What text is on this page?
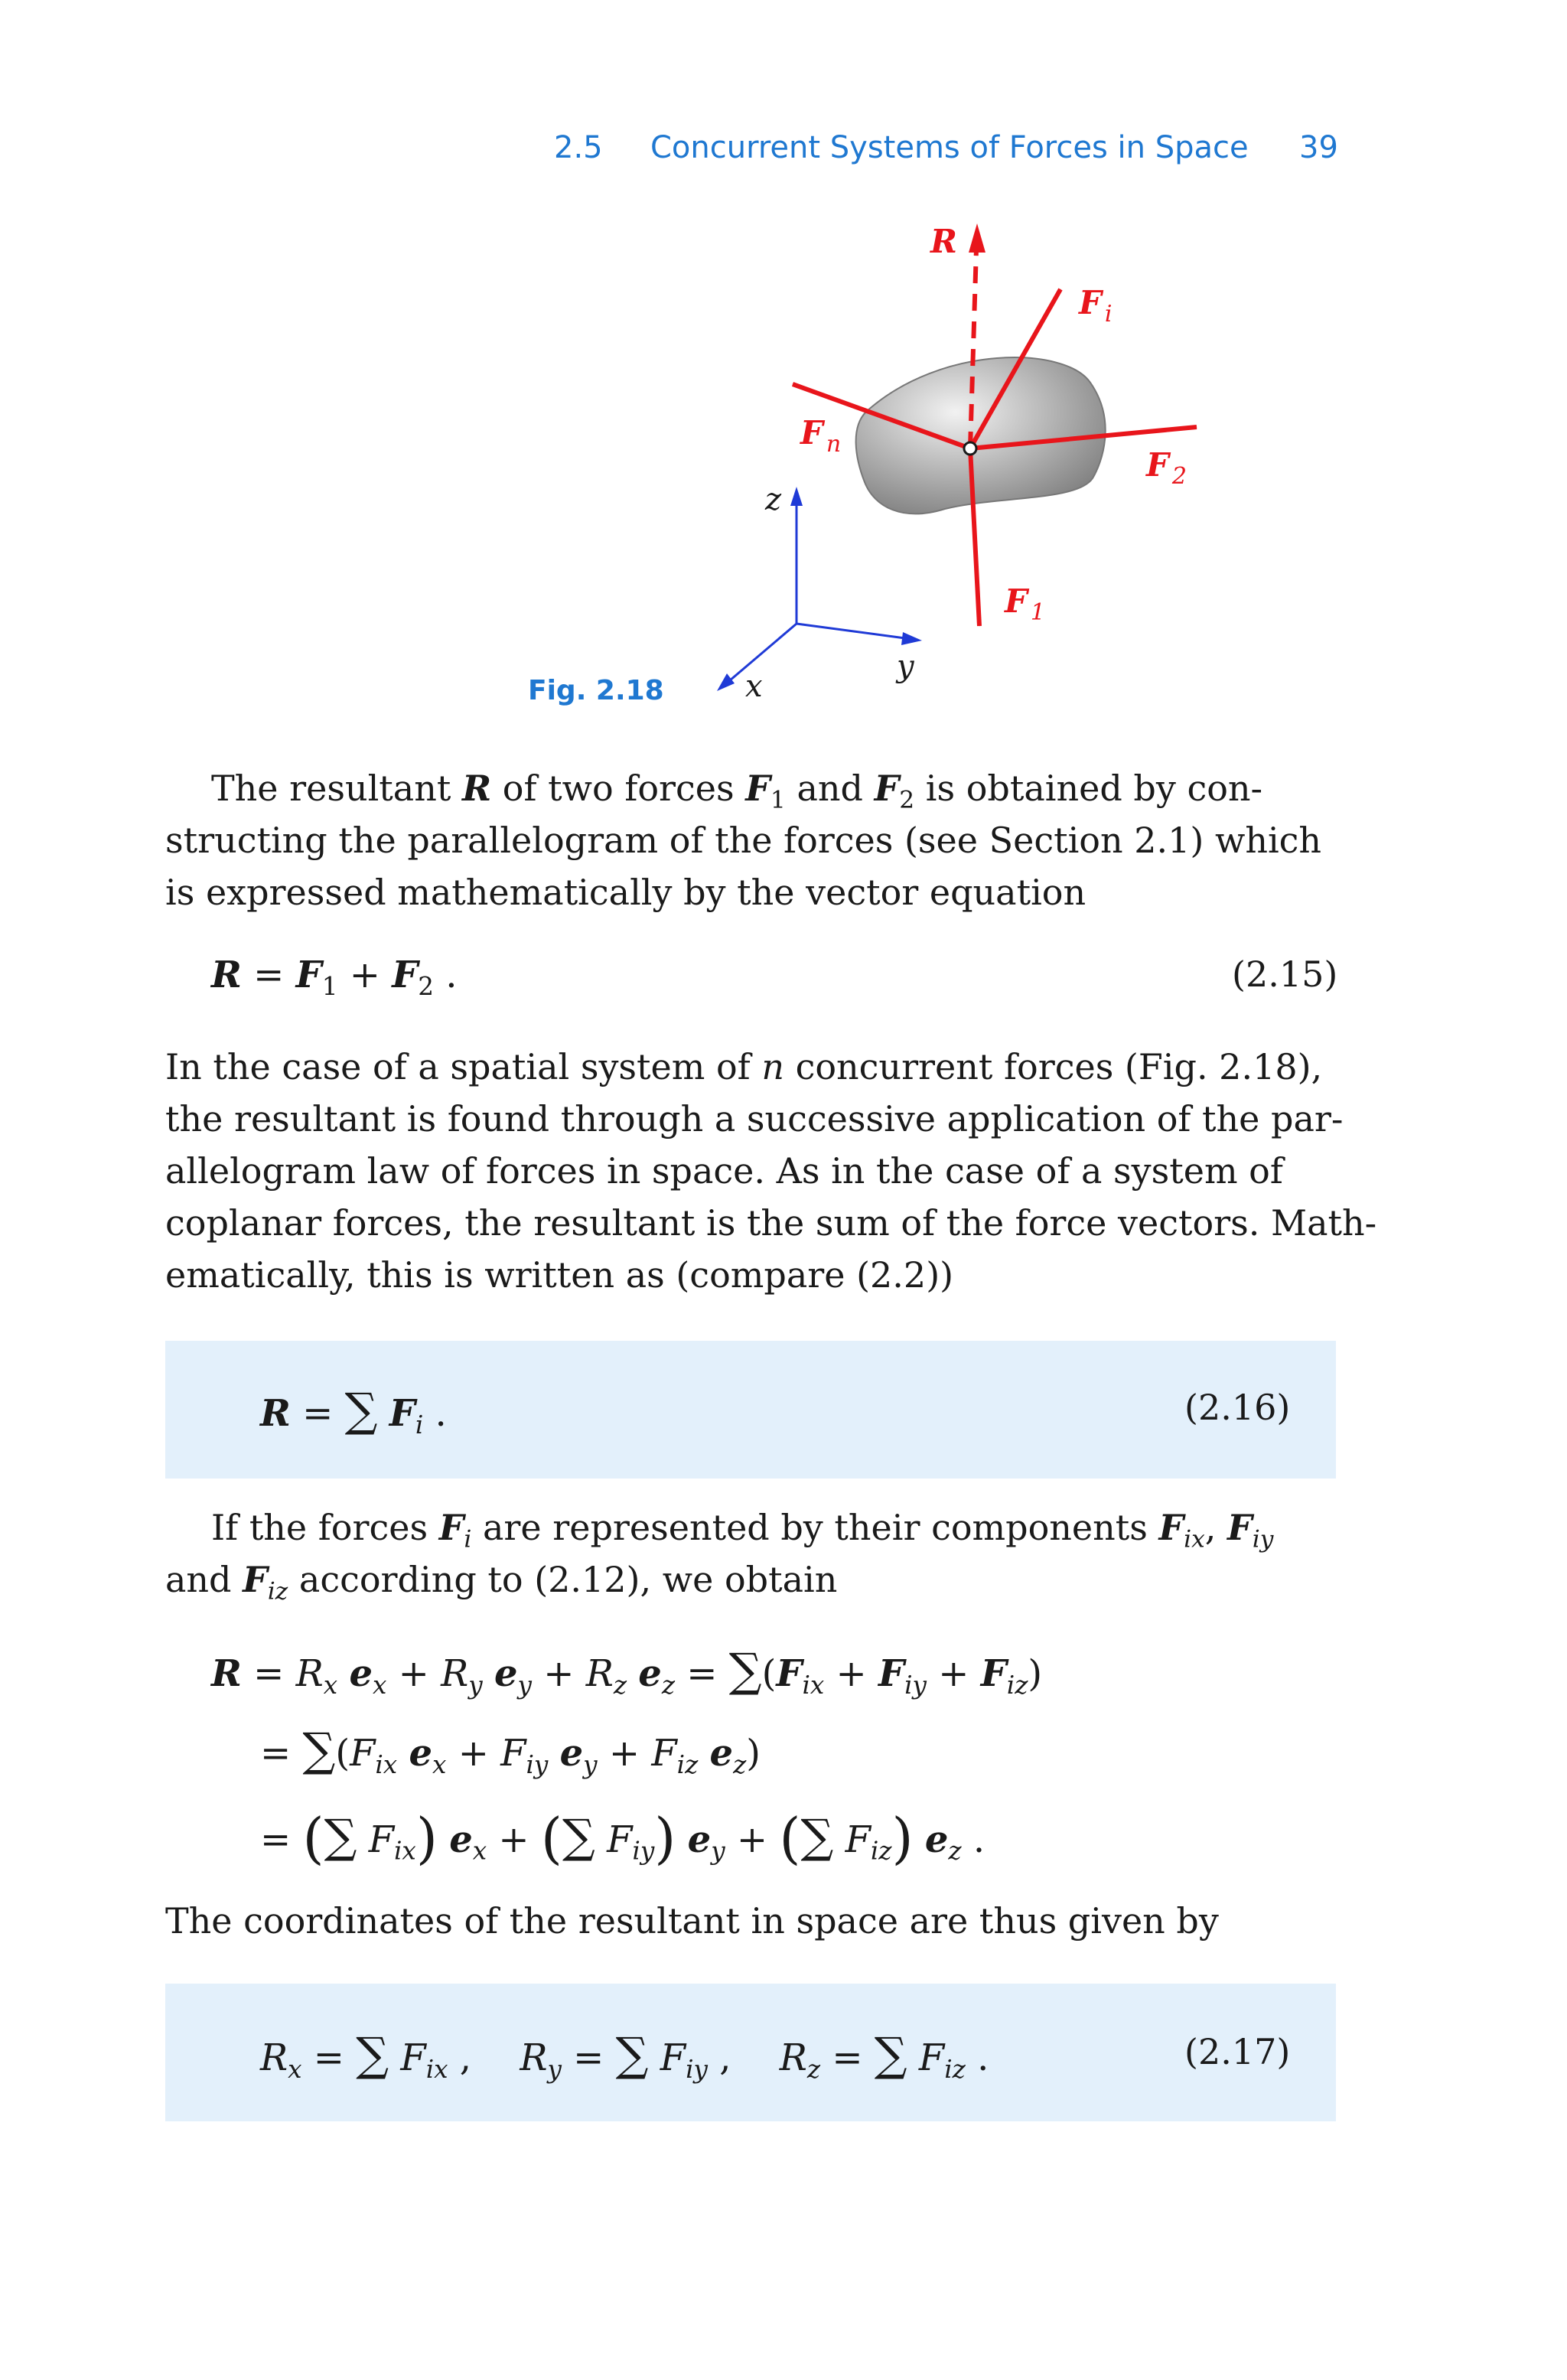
2.5 Concurrent Systems of Forces in Space 39
R
F $_i$
F $_n$
F $_2$
F $_1$
z
y
x
Fig. 2.18
The resultant R of two forces $F_1$ and $F_2$ is obtained by con-
structing the parallelogram of the forces (see Section 2.1) which
is expressed mathematically by the vector equation
$R = F_1 + F_2$ .	(2.15)
In the case of a spatial system of n concurrent forces (Fig. 2.18),
the resultant is found through a successive application of the par-
allelogram law of forces in space. As in the case of a system of
coplanar forces, the resultant is the sum of the force vectors. Math-
ematically, this is written as (compare (2.2))
R = ∑ $F_i$ .	(2.16)
If the forces $F_i$ are represented by their components $F_{ix}$, $F_{iy}$
and $F_{iz}$ according to (2.12), we obtain
$R = R_x$ $e_x + R_y$ $e_y + R_z$ $e_z = \sum(F_{ix} + F_{iy} + F_{iz})$
= $\sum(F_{ix}$ $e_x + F_{iy}$ $e_y + F_{iz}$ $e_z$)
= (∑ $F_{ix}$) $e_x$ + (∑ $F_{iy}$) $e_y$ + (∑ $F_{iz}$) $e_z$ .
The coordinates of the resultant in space are thus given by
$R_x$ = ∑ $F_{ix}$ , $R_y$ = ∑ $F_{iy}$ , $R_z$ = ∑ $F_{iz}$ .	(2.17)
